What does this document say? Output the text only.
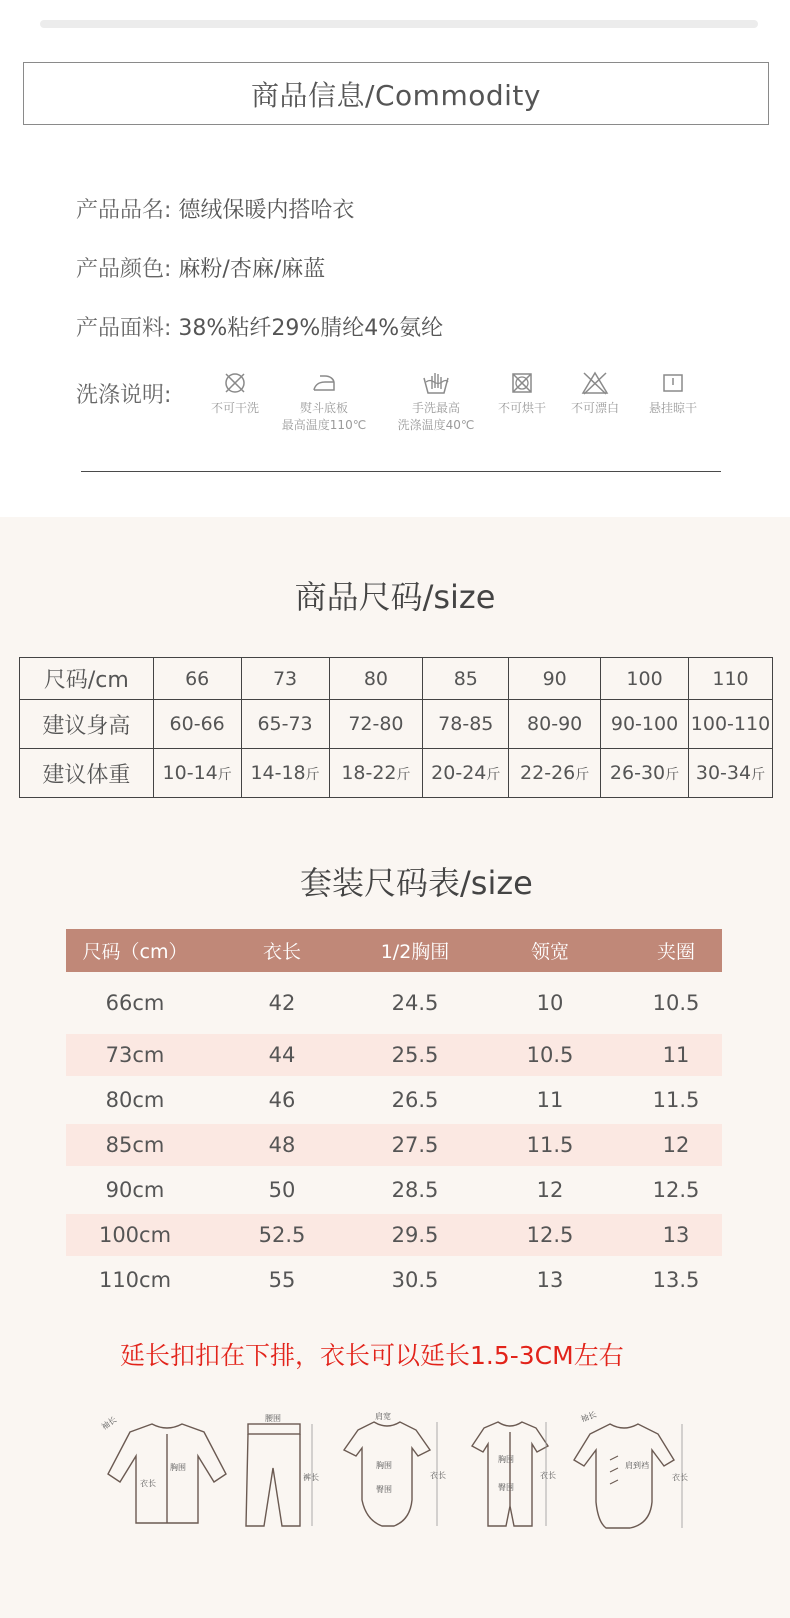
商品信息/Commodity
产品品名: 德绒保暖内搭哈衣
产品颜色: 麻粉/杏麻/麻蓝
产品面料: 38%粘纤29%腈纶4%氨纶
洗涤说明:	不可干洗	熨斗底板
最高温度110℃
手洗最高
洗涤温度40℃
不可烘干	不可漂白	悬挂晾干
商品尺码/size
尺码/cm	66	73	80	85	90	100	110
建议身高	60-66	65-73	72-80	78-85	80-90	90-100	100-110
建议体重	10-14斤	14-18斤	18-22斤	20-24斤	22-26斤	26-30斤	30-34斤
套装尺码表/size
尺码（cm）	衣长	1/2胸围	领宽	夹圈
66cm	42	24.5	10	10.5
73cm	44	25.5	10.5	11
80cm	46	26.5	11	11.5
85cm	48	27.5	11.5	12
90cm	50	28.5	12	12.5
100cm	52.5	29.5	12.5	13
110cm	55	30.5	13	13.5
延长扣扣在下排，衣长可以延长1.5-3CM左右
袖长
胸围
衣长
腰围
裤长
肩宽
胸围
臀围
衣长
胸围
臀围
衣长
袖长
肩到裆
衣长
